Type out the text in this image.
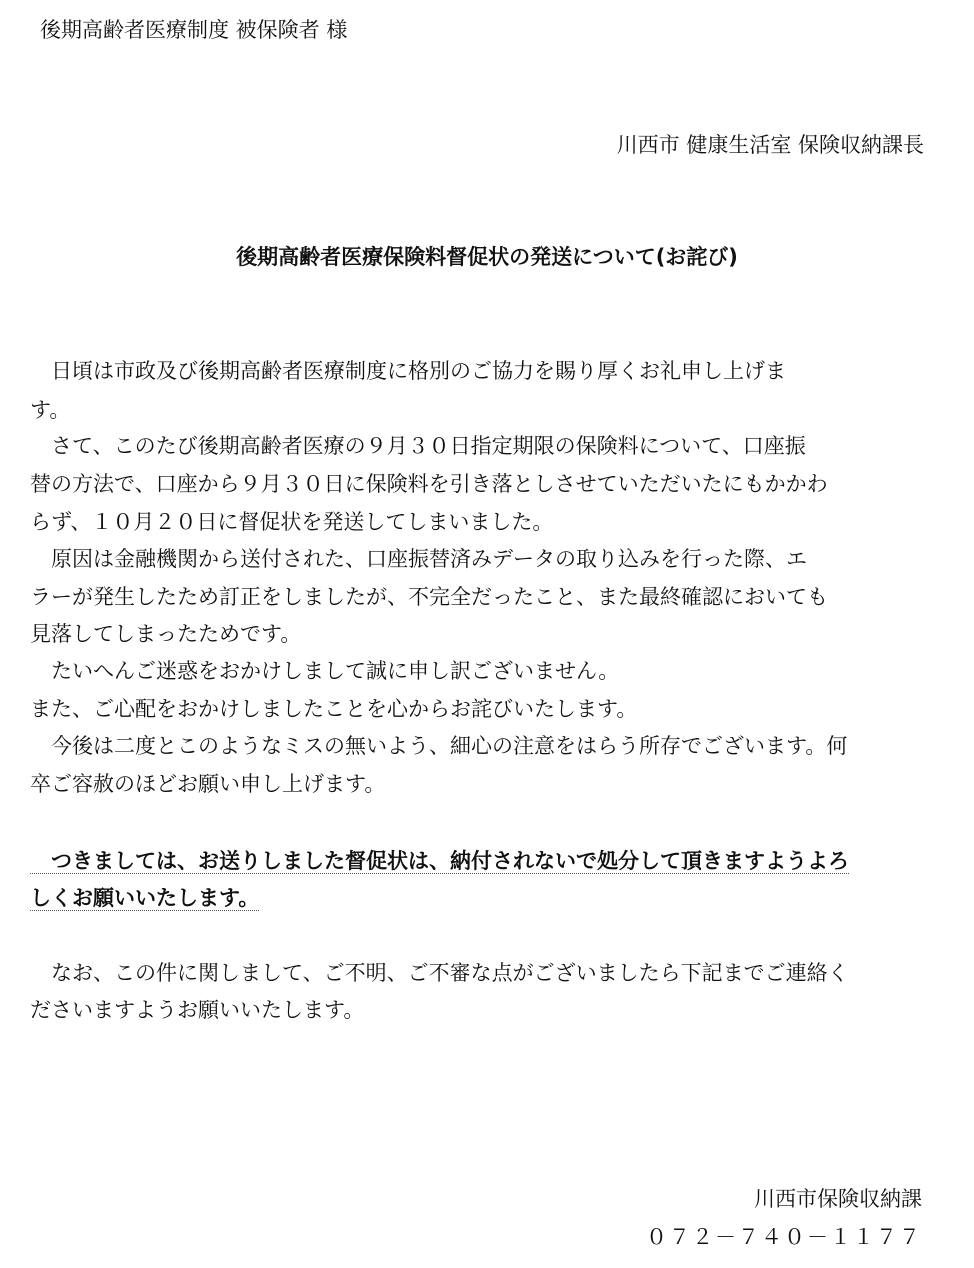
後期高齢者医療制度 被保険者 様
川西市 健康生活室 保険収納課長
後期高齢者医療保険料督促状の発送について(お詫び)
　日頃は市政及び後期高齢者医療制度に格別のご協力を賜り厚くお礼申し上げま
す。
　さて、このたび後期高齢者医療の９月３０日指定期限の保険料について、口座振
替の方法で、口座から９月３０日に保険料を引き落としさせていただいたにもかかわ
らず、１０月２０日に督促状を発送してしまいました。
　原因は金融機関から送付された、口座振替済みデータの取り込みを行った際、エ
ラーが発生したため訂正をしましたが、不完全だったこと、また最終確認においても
見落してしまったためです。
　たいへんご迷惑をおかけしまして誠に申し訳ございません。
また、ご心配をおかけしましたことを心からお詫びいたします。
　今後は二度とこのようなミスの無いよう、細心の注意をはらう所存でございます。何
卒ご容赦のほどお願い申し上げます。
　つきましては、お送りしました督促状は、納付されないで処分して頂きますようよろ
しくお願いいたします。
　なお、この件に関しまして、ご不明、ご不審な点がございましたら下記までご連絡く
ださいますようお願いいたします。
川西市保険収納課
０７２－７４０－１１７７
